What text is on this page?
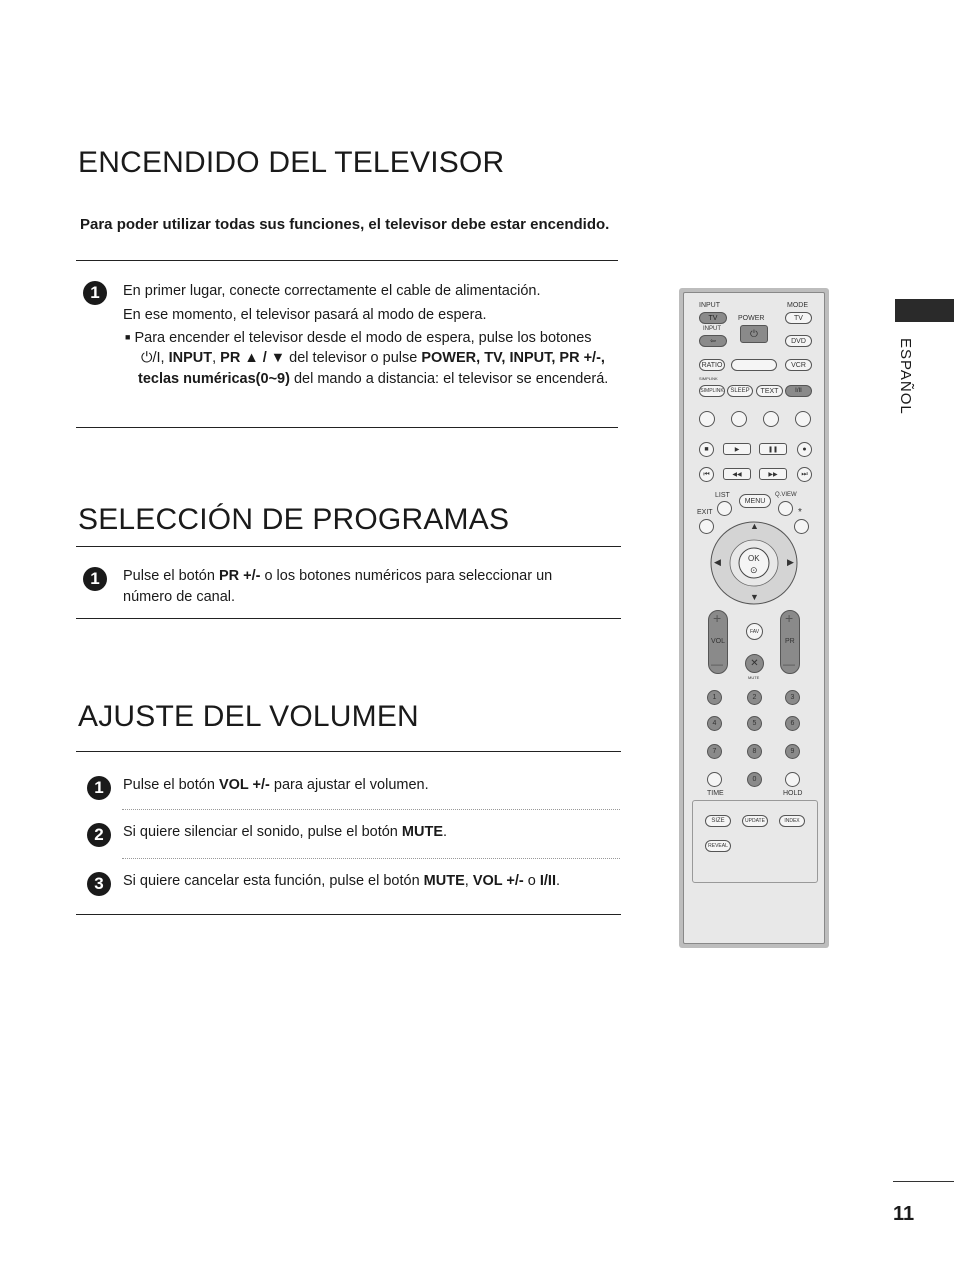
ENCENDIDO DEL TELEVISOR
Para poder utilizar todas sus funciones, el televisor debe estar encendido.
1	En primer lugar, conecte correctamente el cable de alimentación.
En ese momento, el televisor pasará al modo de espera.
■ Para encender el televisor desde el modo de espera, pulse los botones
⏻/I, INPUT, PR ▲ / ▼ del televisor o pulse POWER, TV, INPUT, PR +/-, teclas numéricas(0~9) del mando a distancia: el televisor se encenderá.
SELECCIÓN DE PROGRAMAS
1	Pulse el botón PR +/- o los botones numéricos para seleccionar un número de canal.
AJUSTE DEL VOLUMEN
1	Pulse el botón VOL +/- para ajustar el volumen.
2	Si quiere silenciar el sonido, pulse el botón MUTE.
3	Si quiere cancelar esta función, pulse el botón MUTE, VOL +/- o I/II.
ESPAÑOL
11
INPUT	MODE
POWER
TV	TV
INPUT
⇦
⏻
DVD
RATIO	VCR
SIMPLINK
SIMPLINK	SLEEP	TEXT	I/II
■	▶	❚❚	●
⏮	◀◀	▶▶	⏭
LIST	Q.VIEW
MENU
EXIT	*
▲
▼
◀	▶
OK
⊙
+
—
VOL
+
—
PR
FAV
✕
MUTE
1	2	3
4	5	6
7	8	9
0
TIME	HOLD
SIZE	UPDATE	INDEX
REVEAL
